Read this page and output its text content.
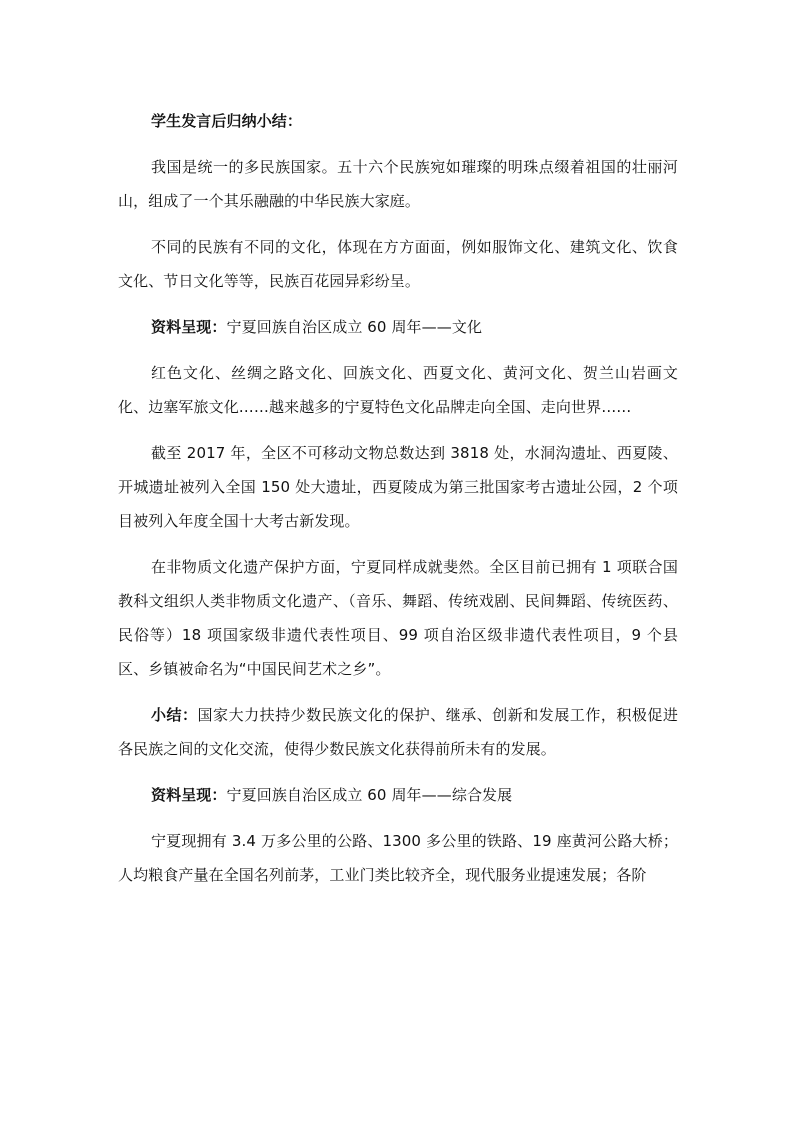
学生发言后归纳小结：

我国是统一的多民族国家。五十六个民族宛如璀璨的明珠点缀着祖国的壮丽河山，组成了一个其乐融融的中华民族大家庭。

不同的民族有不同的文化，体现在方方面面，例如服饰文化、建筑文化、饮食文化、节日文化等等，民族百花园异彩纷呈。

资料呈现：宁夏回族自治区成立 60 周年——文化

红色文化、丝绸之路文化、回族文化、西夏文化、黄河文化、贺兰山岩画文化、边塞军旅文化……越来越多的宁夏特色文化品牌走向全国、走向世界……

截至 2017 年，全区不可移动文物总数达到 3818 处，水洞沟遗址、西夏陵、开城遗址被列入全国 150 处大遗址，西夏陵成为第三批国家考古遗址公园，2 个项目被列入年度全国十大考古新发现。

在非物质文化遗产保护方面，宁夏同样成就斐然。全区目前已拥有 1 项联合国教科文组织人类非物质文化遗产、（音乐、舞蹈、传统戏剧、民间舞蹈、传统医药、民俗等）18 项国家级非遗代表性项目、99 项自治区级非遗代表性项目，9 个县区、乡镇被命名为“中国民间艺术之乡”。

小结：国家大力扶持少数民族文化的保护、继承、创新和发展工作，积极促进各民族之间的文化交流，使得少数民族文化获得前所未有的发展。

资料呈现：宁夏回族自治区成立 60 周年——综合发展

宁夏现拥有 3.4 万多公里的公路、1300 多公里的铁路、19 座黄河公路大桥；人均粮食产量在全国名列前茅，工业门类比较齐全，现代服务业提速发展；各阶
